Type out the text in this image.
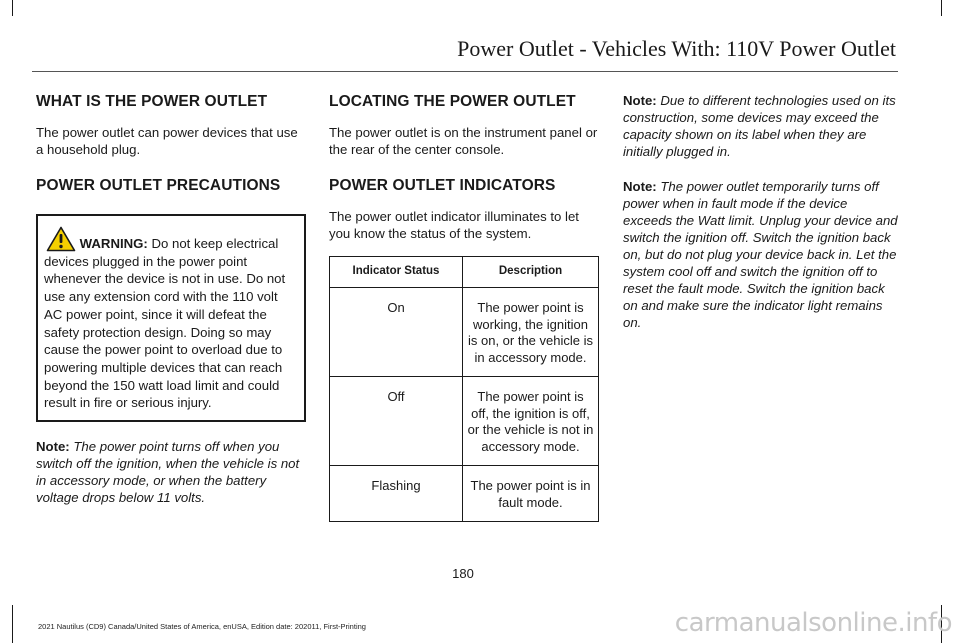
Power Outlet - Vehicles With: 110V Power Outlet
WHAT IS THE POWER OUTLET

The power outlet can power devices that use a household plug.

POWER OUTLET PRECAUTIONS
WARNING: Do not keep electrical devices plugged in the power point whenever the device is not in use. Do not use any extension cord with the 110 volt AC power point, since it will defeat the safety protection design. Doing so may cause the power point to overload due to powering multiple devices that can reach beyond the 150 watt load limit and could result in fire or serious injury.

Note: The power point turns off when you switch off the ignition, when the vehicle is not in accessory mode, or when the battery voltage drops below 11 volts.

LOCATING THE POWER OUTLET

The power outlet is on the instrument panel or the rear of the center console.

POWER OUTLET INDICATORS

The power outlet indicator illuminates to let you know the status of the system.

Indicator Status	Description
On	The power point is working, the ignition is on, or the vehicle is in accessory mode.
Off	The power point is off, the ignition is off, or the vehicle is not in accessory mode.
Flashing	The power point is in fault mode.

Note: Due to different technologies used on its construction, some devices may exceed the capacity shown on its label when they are initially plugged in.

Note: The power outlet temporarily turns off power when in fault mode if the device exceeds the Watt limit. Unplug your device and switch the ignition off. Switch the ignition back on, but do not plug your device back in. Let the system cool off and switch the ignition off to reset the fault mode. Switch the ignition back on and make sure the indicator light remains on.

180
2021 Nautilus (CD9) Canada/United States of America, enUSA, Edition date: 202011, First-Printing	carmanualsonline.info
